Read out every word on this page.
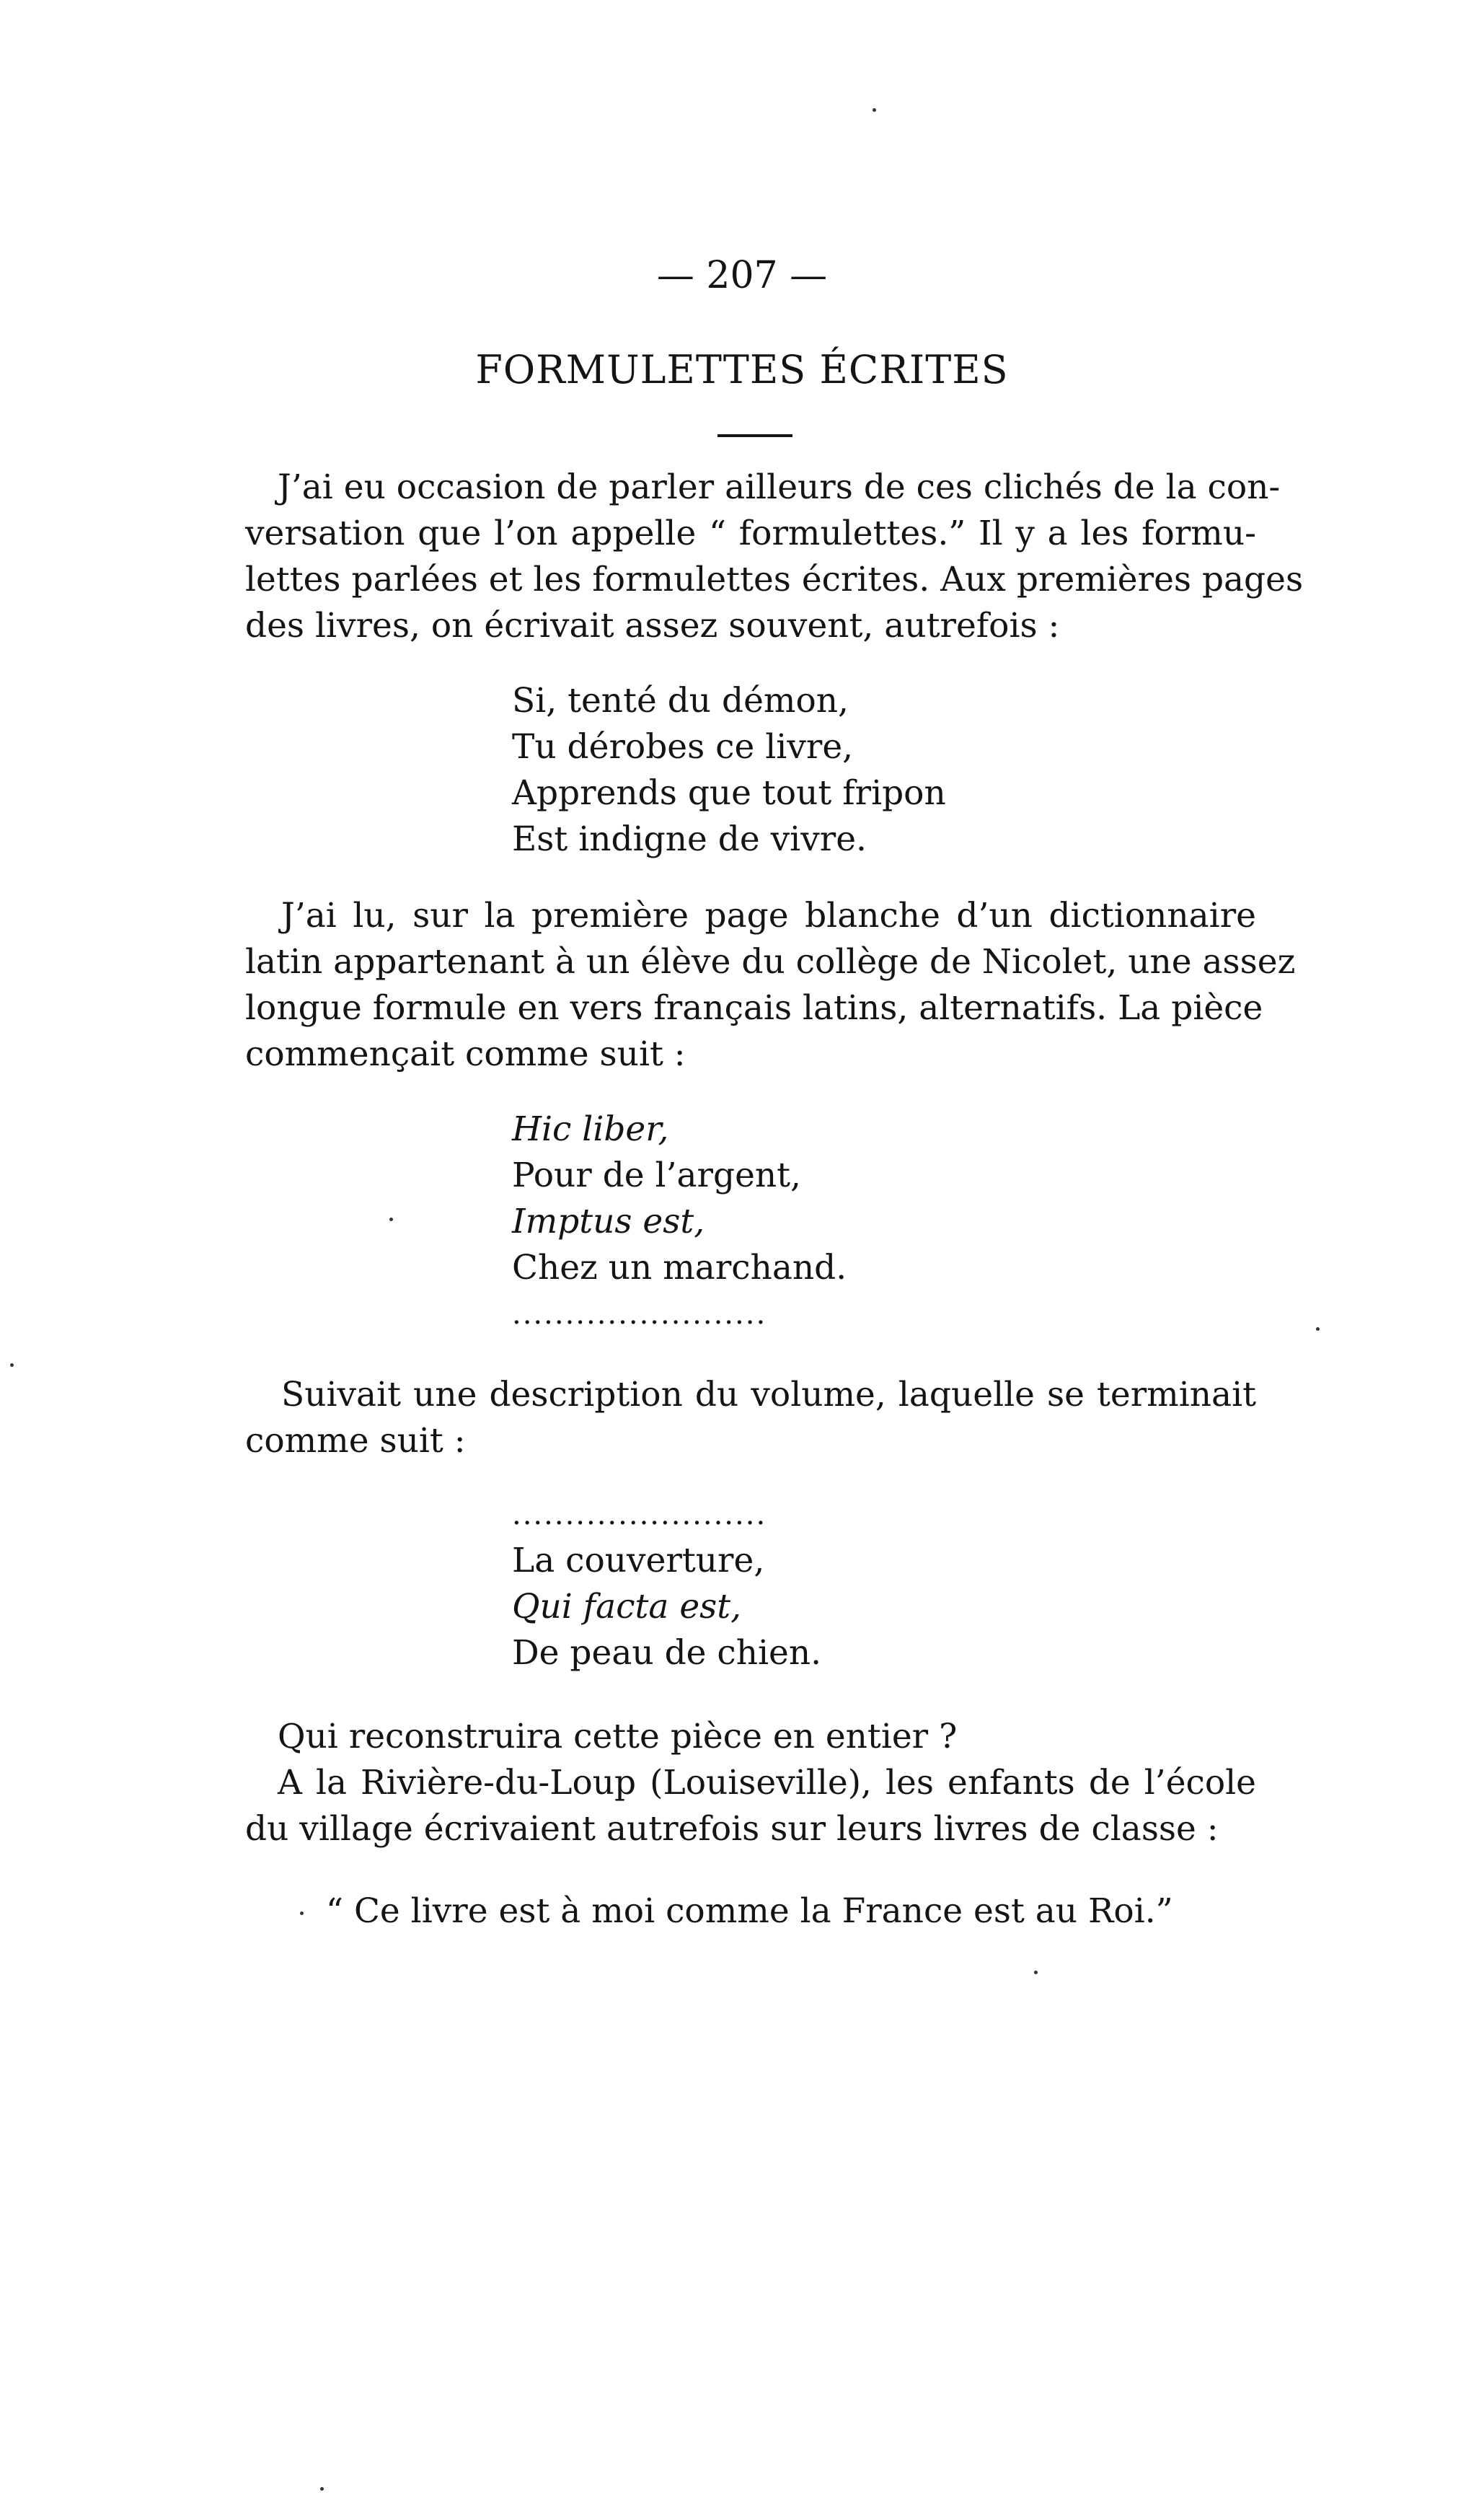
— 207 —
FORMULETTES ÉCRITES
J’ai eu occasion de parler ailleurs de ces clichés de la con-
versation que l’on appelle “ formulettes.” Il y a les formu-
lettes parlées et les formulettes écrites. Aux premières pages
des livres, on écrivait assez souvent, autrefois :
Si, tenté du démon,
Tu dérobes ce livre,
Apprends que tout fripon
Est indigne de vivre.
J’ai lu, sur la première page blanche d’un dictionnaire
latin appartenant à un élève du collège de Nicolet, une assez
longue formule en vers français latins, alternatifs. La pièce
commençait comme suit :
Hic liber,
Pour de l’argent,
Imptus est,
Chez un marchand.
........................
Suivait une description du volume, laquelle se terminait
comme suit :
........................
La couverture,
Qui facta est,
De peau de chien.
Qui reconstruira cette pièce en entier ?
A la Rivière-du-Loup (Louiseville), les enfants de l’école
du village écrivaient autrefois sur leurs livres de classe :
“ Ce livre est à moi comme la France est au Roi.”
